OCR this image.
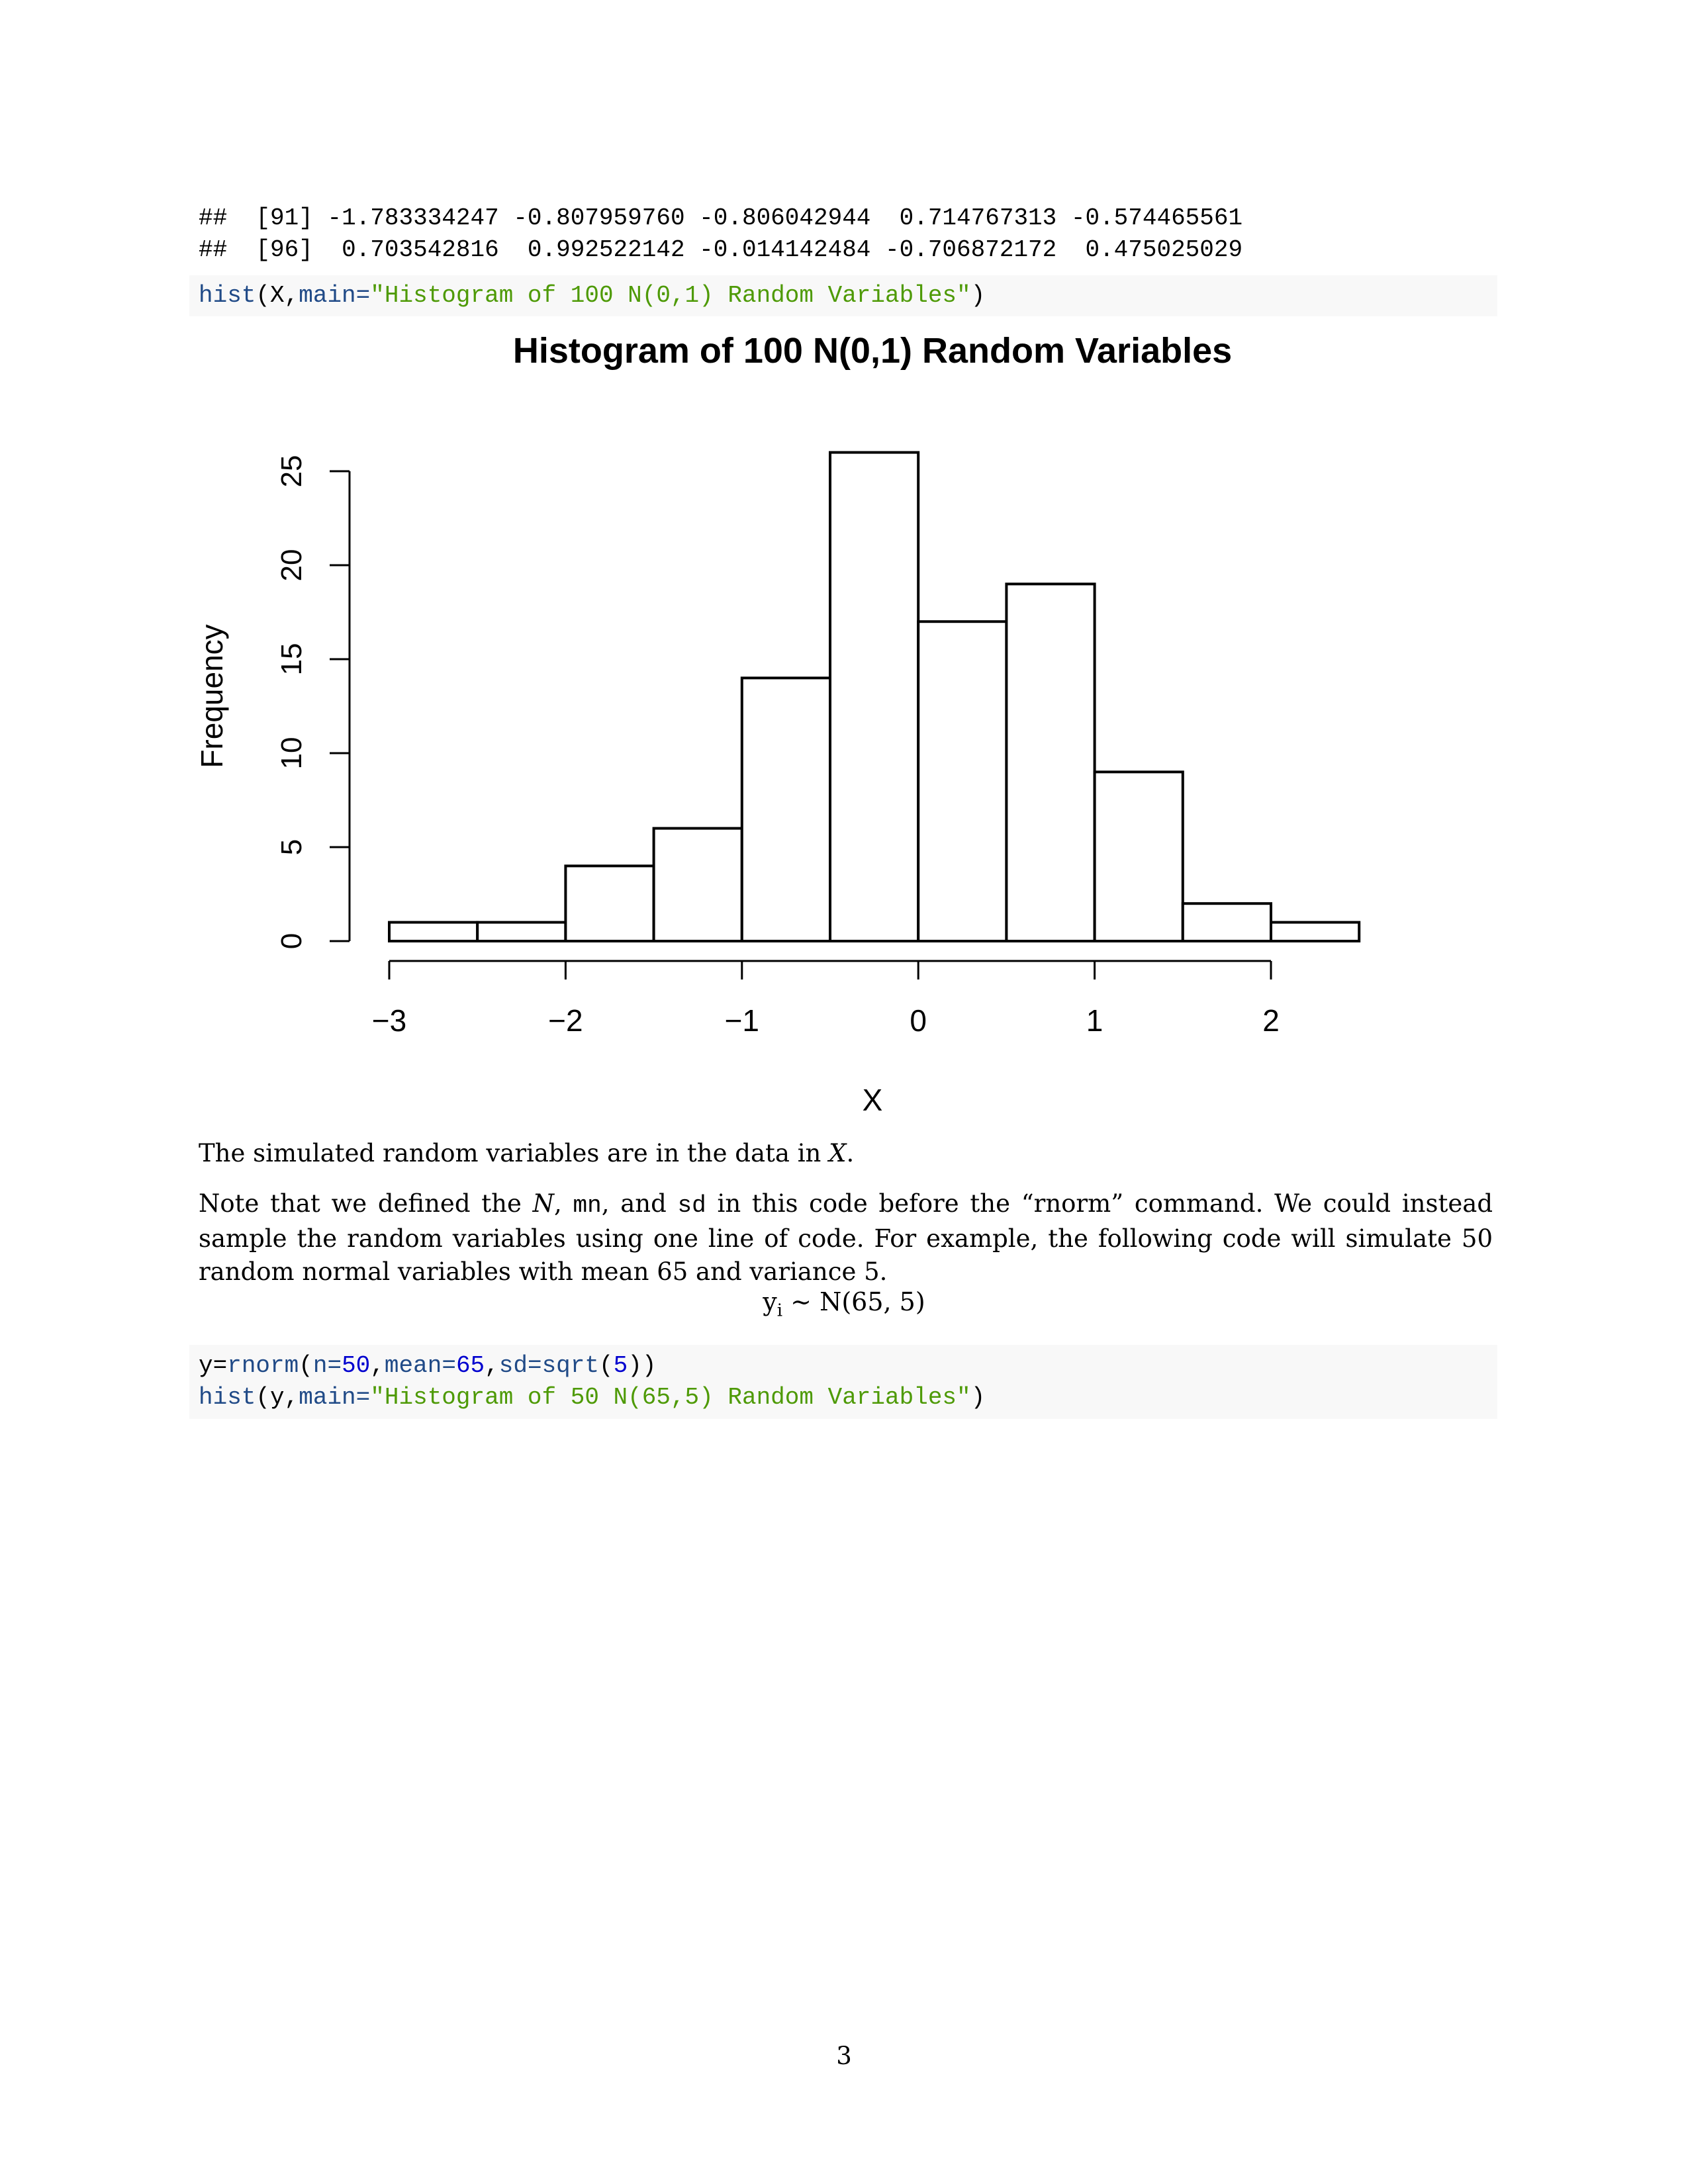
## [91] -1.783334247 -0.807959760 -0.806042944  0.714767313 -0.574465561
## [96]  0.703542816  0.992522142 -0.014142484 -0.706872172  0.475025029
hist(X,main="Histogram of 100 N(0,1) Random Variables")
Histogram of 100 N(0,1) Random Variables
0
5
10
15
20
25
−3	−2	−1	0	1	2
Frequency
X
The simulated random variables are in the data in X.
Note that we defined the N, mn, and sd in this code before the “rnorm” command. We could instead sample the random variables using one line of code. For example, the following code will simulate 50 random normal variables with mean 65 and variance 5.
$y_i$ ∼ N(65, 5)
y=rnorm(n=50,mean=65,sd=sqrt(5))
hist(y,main="Histogram of 50 N(65,5) Random Variables")
3
